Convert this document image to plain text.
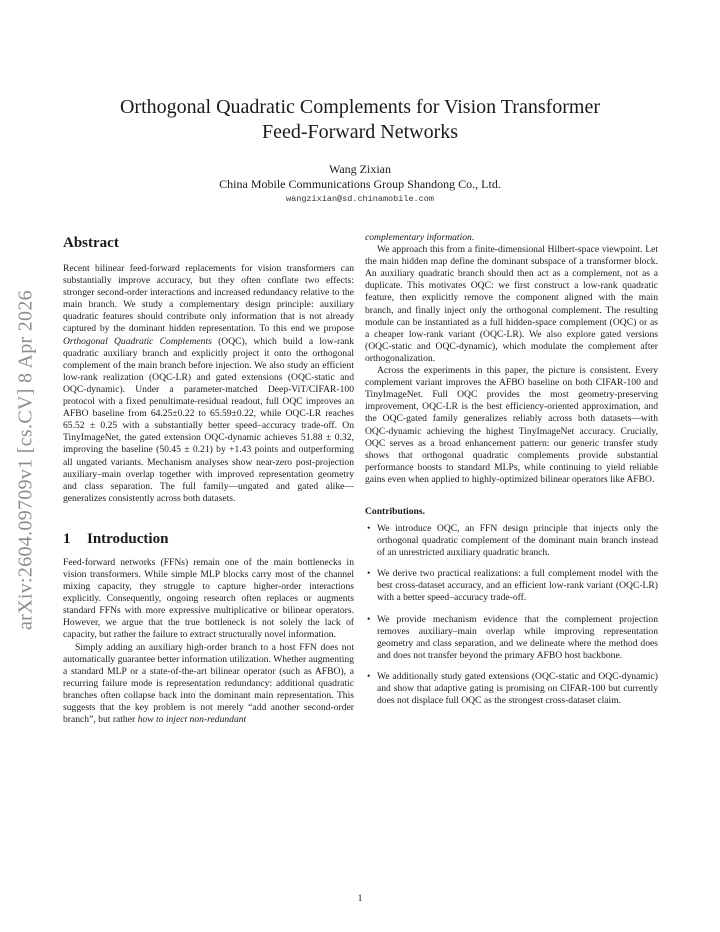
arXiv:2604.09709v1 [cs.CV] 8 Apr 2026
Orthogonal Quadratic Complements for Vision Transformer
Feed-Forward Networks
Wang Zixian
China Mobile Communications Group Shandong Co., Ltd.
wangzixian@sd.chinamobile.com
Abstract

Recent bilinear feed-forward replacements for vision transformers can substantially improve accuracy, but they often conflate two effects: stronger second-order interactions and increased redundancy relative to the main branch. We study a complementary design principle: auxiliary quadratic features should contribute only information that is not already captured by the dominant hidden representation. To this end we propose Orthogonal Quadratic Complements (OQC), which build a low-rank quadratic auxiliary branch and explicitly project it onto the orthogonal complement of the main branch before injection. We also study an efficient low-rank realization (OQC-LR) and gated extensions (OQC-static and OQC-dynamic). Under a parameter-matched Deep-ViT/CIFAR-100 protocol with a fixed penultimate-residual readout, full OQC improves an AFBO baseline from 64.25±0.22 to 65.59±0.22, while OQC-LR reaches 65.52 ± 0.25 with a substantially better speed–accuracy trade-off. On TinyImageNet, the gated extension OQC-dynamic achieves 51.88 ± 0.32, improving the baseline (50.45 ± 0.21) by +1.43 points and outperforming all ungated variants. Mechanism analyses show near-zero post-projection auxiliary–main overlap together with improved representation geometry and class separation. The full family—ungated and gated alike—generalizes consistently across both datasets.

1 Introduction

Feed-forward networks (FFNs) remain one of the main bottlenecks in vision transformers. While simple MLP blocks carry most of the channel mixing capacity, they struggle to capture higher-order interactions explicitly. Consequently, ongoing research often replaces or augments standard FFNs with more expressive multiplicative or bilinear operators. However, we argue that the true bottleneck is not solely the lack of capacity, but rather the failure to extract structurally novel information.

Simply adding an auxiliary high-order branch to a host FFN does not automatically guarantee better information utilization. Whether augmenting a standard MLP or a state-of-the-art bilinear operator (such as AFBO), a recurring failure mode is representation redundancy: additional quadratic branches often collapse back into the dominant main representation. This suggests that the key problem is not merely “add another second-order branch”, but rather how to inject non-redundant

complementary information.

We approach this from a finite-dimensional Hilbert-space viewpoint. Let the main hidden map define the dominant subspace of a transformer block. An auxiliary quadratic branch should then act as a complement, not as a duplicate. This motivates OQC: we first construct a low-rank quadratic feature, then explicitly remove the component aligned with the main branch, and finally inject only the orthogonal complement. The resulting module can be instantiated as a full hidden-space complement (OQC) or as a cheaper low-rank variant (OQC-LR). We also explore gated versions (OQC-static and OQC-dynamic), which modulate the complement after orthogonalization.

Across the experiments in this paper, the picture is consistent. Every complement variant improves the AFBO baseline on both CIFAR-100 and TinyImageNet. Full OQC provides the most geometry-preserving improvement, OQC-LR is the best efficiency-oriented approximation, and the OQC-gated family generalizes reliably across both datasets—with OQC-dynamic achieving the highest TinyImageNet accuracy. Crucially, OQC serves as a broad enhancement pattern: our generic transfer study shows that orthogonal quadratic complements provide substantial performance boosts to standard MLPs, while continuing to yield reliable gains even when applied to highly-optimized bilinear operators like AFBO.

Contributions.
• We introduce OQC, an FFN design principle that injects only the orthogonal quadratic complement of the dominant main branch instead of an unrestricted auxiliary quadratic branch.
• We derive two practical realizations: a full complement model with the best cross-dataset accuracy, and an efficient low-rank variant (OQC-LR) with a better speed–accuracy trade-off.
• We provide mechanism evidence that the complement projection removes auxiliary–main overlap while improving representation geometry and class separation, and we delineate where the method does and does not transfer beyond the primary AFBO host backbone.
• We additionally study gated extensions (OQC-static and OQC-dynamic) and show that adaptive gating is promising on CIFAR-100 but currently does not displace full OQC as the strongest cross-dataset claim.
1
